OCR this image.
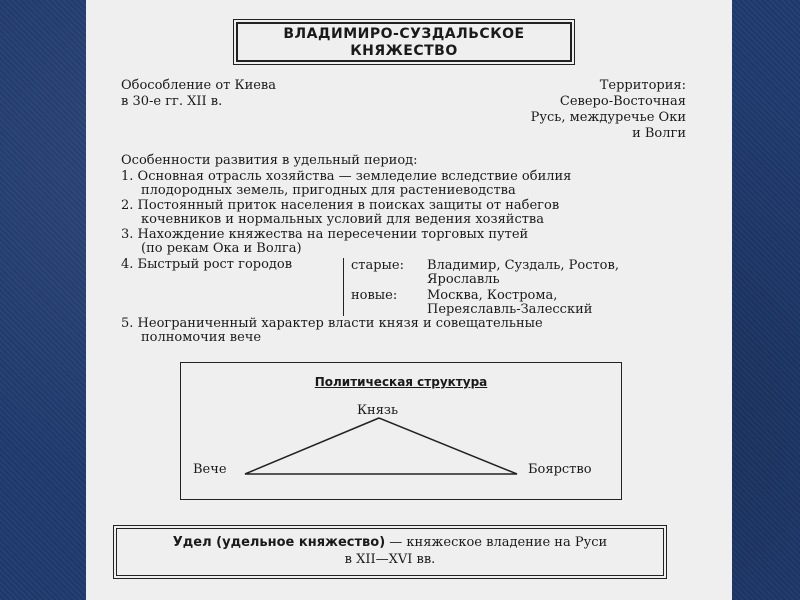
ВЛАДИМИРО-СУЗДАЛЬСКОЕ
КНЯЖЕСТВО
Обособление от Киева
в 30-е гг. XII в.
Территория:
Северо-Восточная
Русь, междуречье Оки
и Волги
Особенности развития в удельный период:
1. Основная отрасль хозяйства — земледелие вследствие обилия
плодородных земель, пригодных для растениеводства
2. Постоянный приток населения в поисках защиты от набегов
кочевников и нормальных условий для ведения хозяйства
3. Нахождение княжества на пересечении торговых путей
(по рекам Ока и Волга)
4. Быстрый рост городов	старые: Владимир, Суздаль, Ростов,
Ярославль
новые: Москва, Кострома,
Переяславль-Залесский
5. Неограниченный характер власти князя и совещательные
полномочия вече
Политическая структура
Князь
Вече	Боярство
Удел (удельное княжество) — княжеское владение на Руси
в XII—XVI вв.
